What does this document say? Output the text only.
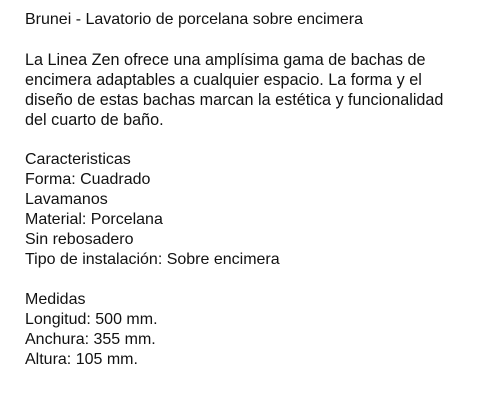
Brunei - Lavatorio de porcelana sobre encimera
La Linea Zen ofrece una amplísima gama de bachas de
encimera adaptables a cualquier espacio. La forma y el
diseño de estas bachas marcan la estética y funcionalidad
del cuarto de baño.
Caracteristicas
Forma: Cuadrado
Lavamanos
Material: Porcelana
Sin rebosadero
Tipo de instalación: Sobre encimera
Medidas
Longitud: 500 mm.
Anchura: 355 mm.
Altura: 105 mm.
